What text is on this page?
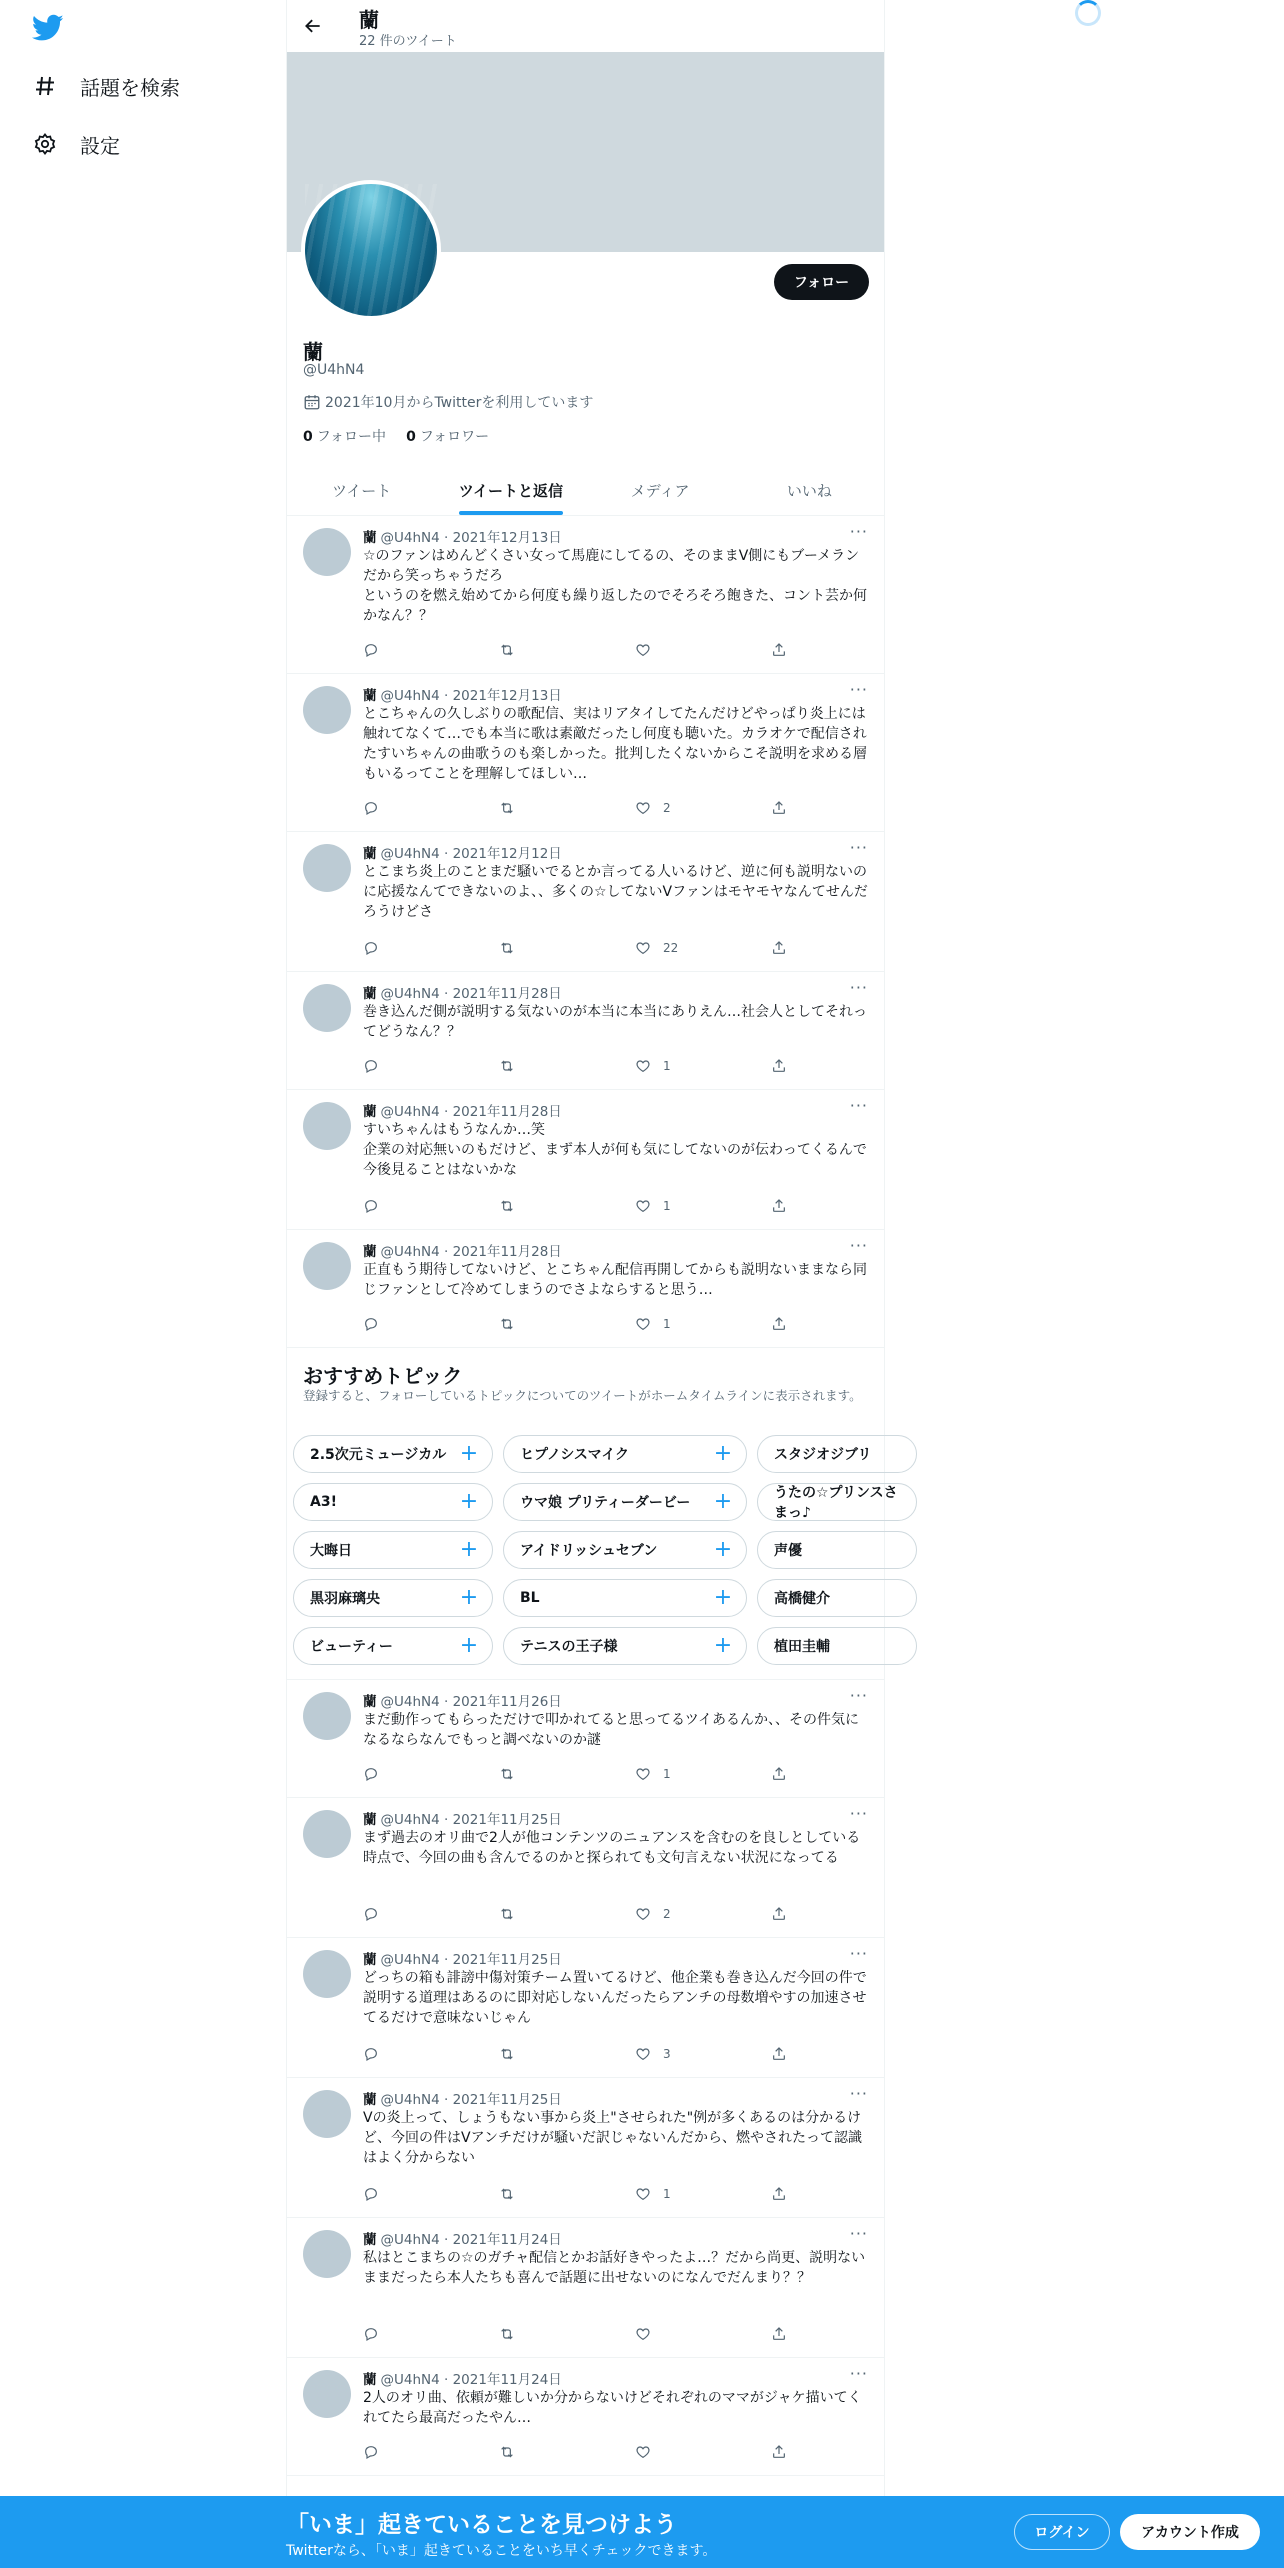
話題を検索
設定
蘭
22 件のツイート
フォロー
蘭
@U4hN4
2021年10月からTwitterを利用しています
0 フォロー中 0 フォロワー
ツイート	ツイートと返信	メディア	いいね
蘭 @U4hN4 · 2021年12月13日	···
☆のファンはめんどくさい女って馬鹿にしてるの、そのままV側にもブーメランだから笑っちゃうだろ
というのを燃え始めてから何度も繰り返したのでそろそろ飽きた、コント芸か何かなん？？
蘭 @U4hN4 · 2021年12月13日	···
とこちゃんの久しぶりの歌配信、実はリアタイしてたんだけどやっぱり炎上には触れてなくて…でも本当に歌は素敵だったし何度も聴いた。カラオケで配信されたすいちゃんの曲歌うのも楽しかった。批判したくないからこそ説明を求める層もいるってことを理解してほしい…
2
蘭 @U4hN4 · 2021年12月12日	···
とこまち炎上のことまだ騒いでるとか言ってる人いるけど、逆に何も説明ないのに応援なんてできないのよ、、多くの☆してないVファンはモヤモヤなんてせんだろうけどさ
22
蘭 @U4hN4 · 2021年11月28日	···
巻き込んだ側が説明する気ないのが本当に本当にありえん…社会人としてそれってどうなん？？
1
蘭 @U4hN4 · 2021年11月28日	···
すいちゃんはもうなんか…笑
企業の対応無いのもだけど、まず本人が何も気にしてないのが伝わってくるんで今後見ることはないかな
1
蘭 @U4hN4 · 2021年11月28日	···
正直もう期待してないけど、とこちゃん配信再開してからも説明ないままなら同じファンとして冷めてしまうのでさよならすると思う…
1
おすすめトピック
登録すると、フォローしているトピックについてのツイートがホームタイムラインに表示されます。
2.5次元ミュージカル +	ヒプノシスマイク	+	スタジオジブリ
A3!	+	ウマ娘 プリティーダービー +	うたの☆プリンスさまっ♪
大晦日	+	アイドリッシュセブン	+	声優
黒羽麻璃央	+	BL	+	高橋健介
ビューティー	+	テニスの王子様	+	植田圭輔
蘭 @U4hN4 · 2021年11月26日	···
まだ動作ってもらっただけで叩かれてると思ってるツイあるんか、、その件気になるならなんでもっと調べないのか謎
1
蘭 @U4hN4 · 2021年11月25日	···
まず過去のオリ曲で2人が他コンテンツのニュアンスを含むのを良しとしている時点で、今回の曲も含んでるのかと探られても文句言えない状況になってる
2
蘭 @U4hN4 · 2021年11月25日	···
どっちの箱も誹謗中傷対策チーム置いてるけど、他企業も巻き込んだ今回の件で説明する道理はあるのに即対応しないんだったらアンチの母数増やすの加速させてるだけで意味ないじゃん
3
蘭 @U4hN4 · 2021年11月25日	···
Vの炎上って、しょうもない事から炎上"させられた"例が多くあるのは分かるけど、今回の件はVアンチだけが騒いだ訳じゃないんだから、燃やされたって認識はよく分からない
1
蘭 @U4hN4 · 2021年11月24日	···
私はとこまちの☆のガチャ配信とかお話好きやったよ…？だから尚更、説明ないままだったら本人たちも喜んで話題に出せないのになんでだんまり？？
蘭 @U4hN4 · 2021年11月24日	···
2人のオリ曲、依頼が難しいか分からないけどそれぞれのママがジャケ描いてくれてたら最高だったやん…
「いま」起きていることを見つけよう
Twitterなら、「いま」起きていることをいち早くチェックできます。
ログイン	アカウント作成
